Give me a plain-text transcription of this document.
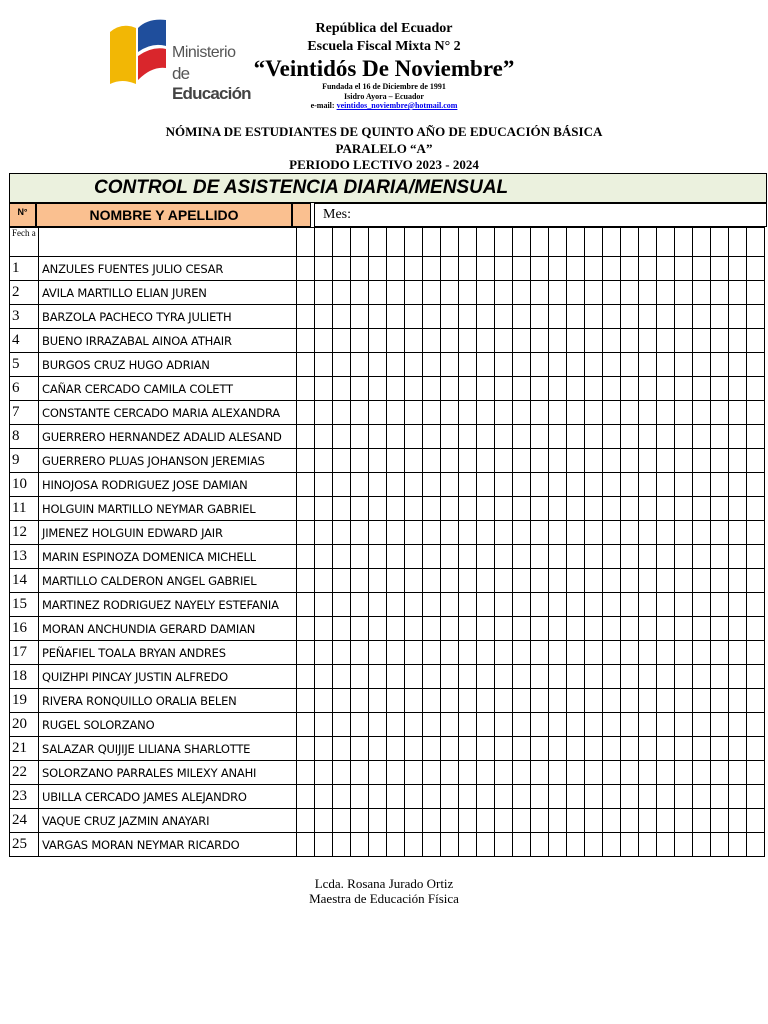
Ministerio
de Educación
República del Ecuador
Escuela Fiscal Mixta N° 2
“Veintidós De Noviembre”
Fundada el 16 de Diciembre de 1991
Isidro Ayora – Ecuador
e-mail: veintidos_noviembre@hotmail.com
NÓMINA DE ESTUDIANTES DE QUINTO AÑO DE EDUCACIÓN BÁSICA
PARALELO “A”
PERIODO LECTIVO 2023 - 2024
CONTROL DE ASISTENCIA DIARIA/MENSUAL
N°	NOMBRE Y APELLIDO	Mes:
Fech a																											
1	ANZULES FUENTES JULIO CESAR																										
2	AVILA MARTILLO ELIAN JUREN																										
3	BARZOLA PACHECO TYRA JULIETH																										
4	BUENO IRRAZABAL AINOA ATHAIR																										
5	BURGOS CRUZ HUGO ADRIAN																										
6	CAÑAR CERCADO CAMILA COLETT																										
7	CONSTANTE CERCADO MARIA ALEXANDRA																										
8	GUERRERO HERNANDEZ ADALID ALESAND																										
9	GUERRERO PLUAS JOHANSON JEREMIAS																										
10	HINOJOSA RODRIGUEZ JOSE DAMIAN																										
11	HOLGUIN MARTILLO NEYMAR GABRIEL																										
12	JIMENEZ HOLGUIN EDWARD JAIR																										
13	MARIN ESPINOZA DOMENICA MICHELL																										
14	MARTILLO CALDERON ANGEL GABRIEL																										
15	MARTINEZ RODRIGUEZ NAYELY ESTEFANIA																										
16	MORAN ANCHUNDIA GERARD DAMIAN																										
17	PEÑAFIEL TOALA BRYAN ANDRES																										
18	QUIZHPI PINCAY JUSTIN ALFREDO																										
19	RIVERA RONQUILLO ORALIA BELEN																										
20	RUGEL SOLORZANO																										
21	SALAZAR QUIJIJE LILIANA SHARLOTTE																										
22	SOLORZANO PARRALES MILEXY ANAHI																										
23	UBILLA CERCADO JAMES ALEJANDRO																										
24	VAQUE CRUZ JAZMIN ANAYARI																										
25	VARGAS MORAN NEYMAR RICARDO																										
Lcda. Rosana Jurado Ortiz
Maestra de Educación Física
